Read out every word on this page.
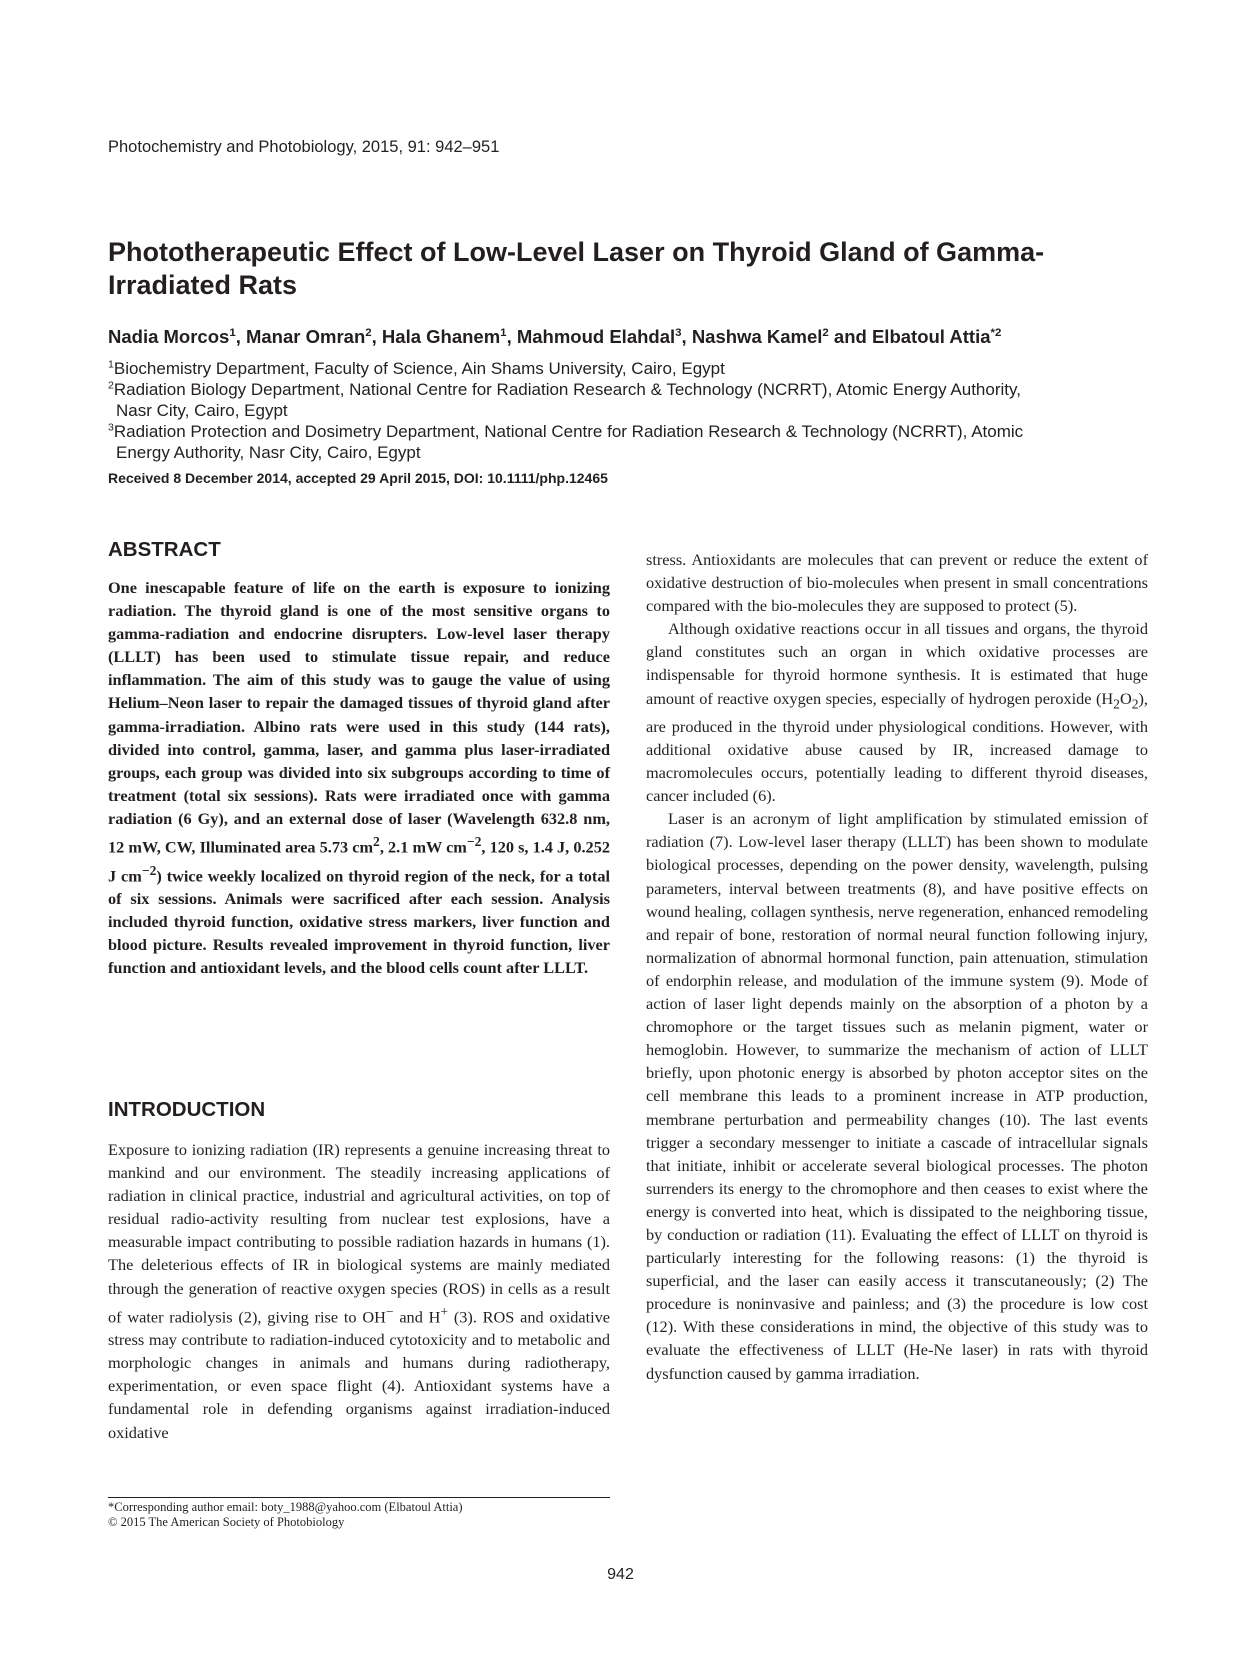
Photochemistry and Photobiology, 2015, 91: 942–951
Phototherapeutic Effect of Low-Level Laser on Thyroid Gland of Gamma-Irradiated Rats
Nadia Morcos$^1$, Manar Omran$^2$, Hala Ghanem$^1$, Mahmoud Elahdal$^3$, Nashwa Kamel$^2$ and Elbatoul Attia$^{*2}$
$^1$Biochemistry Department, Faculty of Science, Ain Shams University, Cairo, Egypt
$^2$Radiation Biology Department, National Centre for Radiation Research & Technology (NCRRT), Atomic Energy Authority,
Nasr City, Cairo, Egypt
$^3$Radiation Protection and Dosimetry Department, National Centre for Radiation Research & Technology (NCRRT), Atomic
Energy Authority, Nasr City, Cairo, Egypt
Received 8 December 2014, accepted 29 April 2015, DOI: 10.1111/php.12465
ABSTRACT

One inescapable feature of life on the earth is exposure to ionizing radiation. The thyroid gland is one of the most sensitive organs to gamma-radiation and endocrine disrupters. Low-level laser therapy (LLLT) has been used to stimulate tissue repair, and reduce inflammation. The aim of this study was to gauge the value of using Helium–Neon laser to repair the damaged tissues of thyroid gland after gamma-irradiation. Albino rats were used in this study (144 rats), divided into control, gamma, laser, and gamma plus laser-irradiated groups, each group was divided into six subgroups according to time of treatment (total six sessions). Rats were irradiated once with gamma radiation (6 Gy), and an external dose of laser (Wavelength 632.8 nm, 12 mW, CW, Illuminated area 5.73 $cm^2$, 2.1 mW $cm^{-2}$, 120 s, 1.4 J, 0.252 J $cm^{-2}$) twice weekly localized on thyroid region of the neck, for a total of six sessions. Animals were sacrificed after each session. Analysis included thyroid function, oxidative stress markers, liver function and blood picture. Results revealed improvement in thyroid function, liver function and antioxidant levels, and the blood cells count after LLLT.

INTRODUCTION

Exposure to ionizing radiation (IR) represents a genuine increasing threat to mankind and our environment. The steadily increasing applications of radiation in clinical practice, industrial and agricultural activities, on top of residual radio-activity resulting from nuclear test explosions, have a measurable impact contributing to possible radiation hazards in humans (1). The deleterious effects of IR in biological systems are mainly mediated through the generation of reactive oxygen species (ROS) in cells as a result of water radiolysis (2), giving rise to OH− and H+ (3). ROS and oxidative stress may contribute to radiation-induced cytotoxicity and to metabolic and morphologic changes in animals and humans during radiotherapy, experimentation, or even space flight (4). Antioxidant systems have a fundamental role in defending organisms against irradiation-induced oxidative

*Corresponding author email: boty_1988@yahoo.com (Elbatoul Attia)
© 2015 The American Society of Photobiology

stress. Antioxidants are molecules that can prevent or reduce the extent of oxidative destruction of bio-molecules when present in small concentrations compared with the bio-molecules they are supposed to protect (5).

Although oxidative reactions occur in all tissues and organs, the thyroid gland constitutes such an organ in which oxidative processes are indispensable for thyroid hormone synthesis. It is estimated that huge amount of reactive oxygen species, especially of hydrogen peroxide $(H_2O_2)$, are produced in the thyroid under physiological conditions. However, with additional oxidative abuse caused by IR, increased damage to macromolecules occurs, potentially leading to different thyroid diseases, cancer included (6).

Laser is an acronym of light amplification by stimulated emission of radiation (7). Low-level laser therapy (LLLT) has been shown to modulate biological processes, depending on the power density, wavelength, pulsing parameters, interval between treatments (8), and have positive effects on wound healing, collagen synthesis, nerve regeneration, enhanced remodeling and repair of bone, restoration of normal neural function following injury, normalization of abnormal hormonal function, pain attenuation, stimulation of endorphin release, and modulation of the immune system (9). Mode of action of laser light depends mainly on the absorption of a photon by a chromophore or the target tissues such as melanin pigment, water or hemoglobin. However, to summarize the mechanism of action of LLLT briefly, upon photonic energy is absorbed by photon acceptor sites on the cell membrane this leads to a prominent increase in ATP production, membrane perturbation and permeability changes (10). The last events trigger a secondary messenger to initiate a cascade of intracellular signals that initiate, inhibit or accelerate several biological processes. The photon surrenders its energy to the chromophore and then ceases to exist where the energy is converted into heat, which is dissipated to the neighboring tissue, by conduction or radiation (11). Evaluating the effect of LLLT on thyroid is particularly interesting for the following reasons: (1) the thyroid is superficial, and the laser can easily access it transcutaneously; (2) The procedure is noninvasive and painless; and (3) the procedure is low cost (12). With these considerations in mind, the objective of this study was to evaluate the effectiveness of LLLT (He-Ne laser) in rats with thyroid dysfunction caused by gamma irradiation.

942
